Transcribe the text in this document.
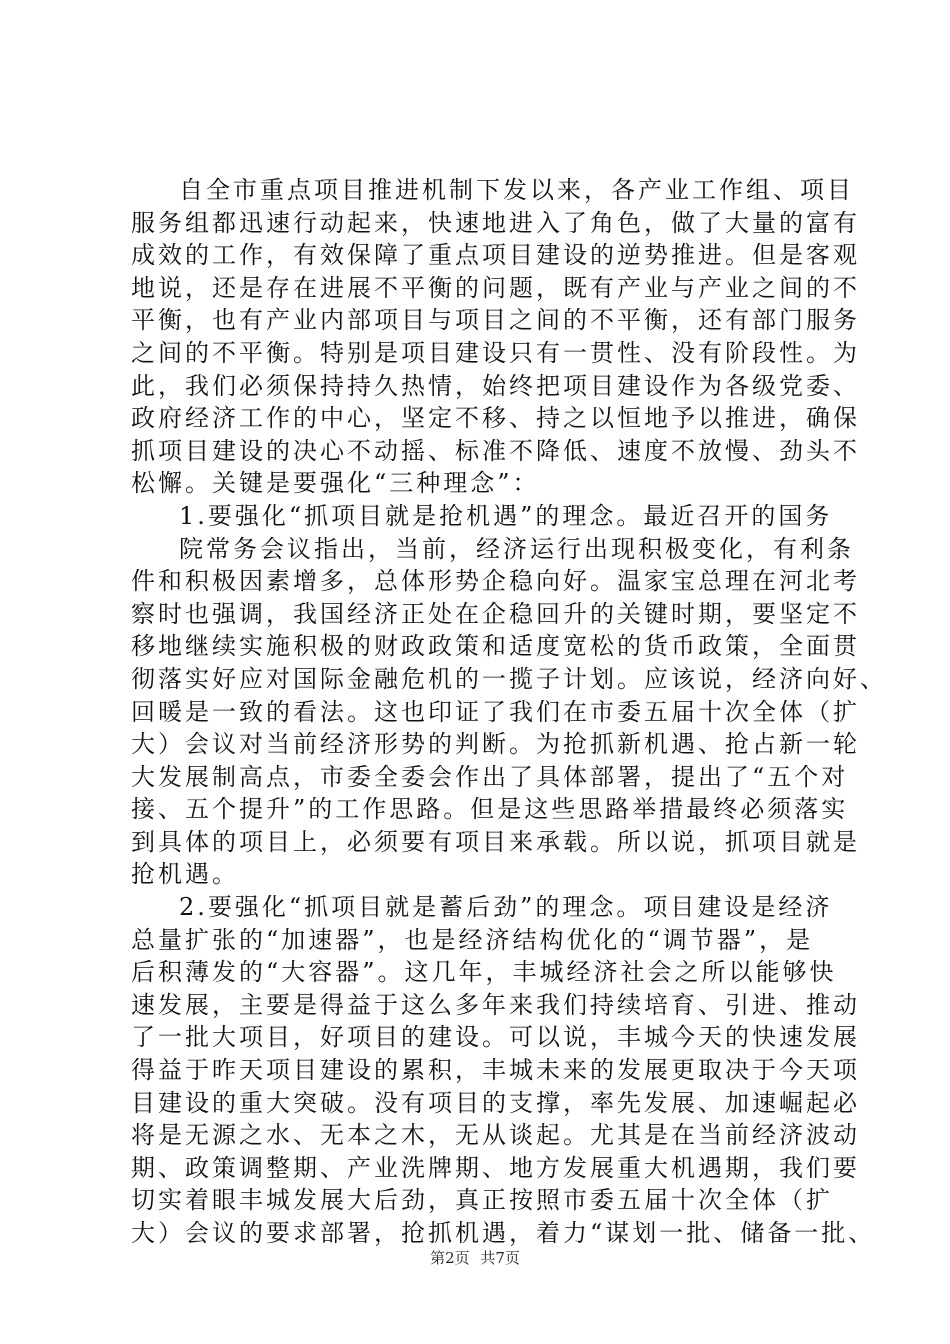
自全市重点项目推进机制下发以来，各产业工作组、项目
服务组都迅速行动起来，快速地进入了角色，做了大量的富有
成效的工作，有效保障了重点项目建设的逆势推进。但是客观
地说，还是存在进展不平衡的问题，既有产业与产业之间的不
平衡，也有产业内部项目与项目之间的不平衡，还有部门服务
之间的不平衡。特别是项目建设只有一贯性、没有阶段性。为
此，我们必须保持持久热情，始终把项目建设作为各级党委、
政府经济工作的中心，坚定不移、持之以恒地予以推进，确保
抓项目建设的决心不动摇、标准不降低、速度不放慢、劲头不
松懈。关键是要强化“三种理念”：
1.要强化“抓项目就是抢机遇”的理念。最近召开的国务
院常务会议指出，当前，经济运行出现积极变化，有利条
件和积极因素增多，总体形势企稳向好。温家宝总理在河北考
察时也强调，我国经济正处在企稳回升的关键时期，要坚定不
移地继续实施积极的财政政策和适度宽松的货币政策，全面贯
彻落实好应对国际金融危机的一揽子计划。应该说，经济向好、
回暖是一致的看法。这也印证了我们在市委五届十次全体（扩
大）会议对当前经济形势的判断。为抢抓新机遇、抢占新一轮
大发展制高点，市委全委会作出了具体部署，提出了“五个对
接、五个提升”的工作思路。但是这些思路举措最终必须落实
到具体的项目上，必须要有项目来承载。所以说，抓项目就是
抢机遇。
2.要强化“抓项目就是蓄后劲”的理念。项目建设是经济
总量扩张的“加速器”，也是经济结构优化的“调节器”，是
后积薄发的“大容器”。这几年，丰城经济社会之所以能够快
速发展，主要是得益于这么多年来我们持续培育、引进、推动
了一批大项目，好项目的建设。可以说，丰城今天的快速发展
得益于昨天项目建设的累积，丰城未来的发展更取决于今天项
目建设的重大突破。没有项目的支撑，率先发展、加速崛起必
将是无源之水、无本之木，无从谈起。尤其是在当前经济波动
期、政策调整期、产业洗牌期、地方发展重大机遇期，我们要
切实着眼丰城发展大后劲，真正按照市委五届十次全体（扩
大）会议的要求部署，抢抓机遇，着力“谋划一批、储备一批、
第2页 共7页
